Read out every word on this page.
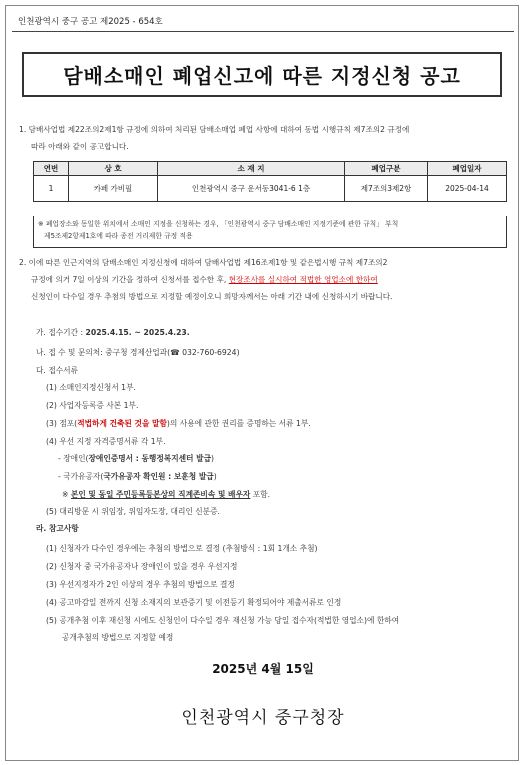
인천광역시 중구 공고 제2025 - 654호
담배소매인 폐업신고에 따른 지정신청 공고
1. 담배사업법 제22조의2제1항 규정에 의하여 처리된 담배소매업 폐업 사항에 대하여 동법 시행규칙 제7조의2 규정에
따라 아래와 같이 공고합니다.
연번	상 호	소 재 지	폐업구분	폐업일자
1	카페 가비필	인천광역시 중구 운서동3041-6 1층	제7조의3제2항	2025-04-14
※ 폐업장소와 동일한 위치에서 소매인 지정을 신청하는 경우, 「인천광역시 중구 담배소매인 지정기준에 관한 규칙」 부칙
제5조제2항제1호에 따라 종전 거리제한 규정 적용
2. 이에 따른 인근지역의 담배소매인 지정신청에 대하여 담배사업법 제16조제1항 및 같은법시행 규칙 제7조의2
규정에 의거 7일 이상의 기간을 정하여 신청서를 접수한 후, 현장조사를 실시하여 적법한 영업소에 한하여
신청인이 다수일 경우 추첨의 방법으로 지정할 예정이오니 희망자께서는 아래 기간 내에 신청하시기 바랍니다.
가. 접수기간 : 2025.4.15. ~ 2025.4.23.
나. 접 수 및 문의처: 중구청 경제산업과(☎ 032-760-6924)
다. 접수서류
(1) 소매인지정신청서 1부.
(2) 사업자등록증 사본 1부.
(3) 점포(적법하게 건축된 것을 말함)의 사용에 관한 권리를 증명하는 서류 1부.
(4) 우선 지정 자격증명서류 각 1부.
- 장애인(장애인증명서 : 동행정복지센터 발급)
- 국가유공자(국가유공자 확인원 : 보훈청 발급)
※ 본인 및 동일 주민등록등본상의 직계존비속 및 배우자 포함.
(5) 대리방문 시 위임장, 위임자도장, 대리인 신분증.
라. 참고사항
(1) 신청자가 다수인 경우에는 추첨의 방법으로 결정 (추첨방식 : 1회 1개소 추첨)
(2) 신청자 중 국가유공자나 장애인이 있을 경우 우선지정
(3) 우선지정자가 2인 이상의 경우 추첨의 방법으로 결정
(4) 공고마감일 전까지 신청 소재지의 보관증기 및 이전등기 확정되어야 제출서류로 인정
(5) 공개추첨 이후 재신청 시에도 신청인이 다수일 경우 재신청 가능 당일 접수자(적법한 영업소)에 한하여
공개추첨의 방법으로 지정할 예정
2025년 4월 15일
인천광역시 중구청장
